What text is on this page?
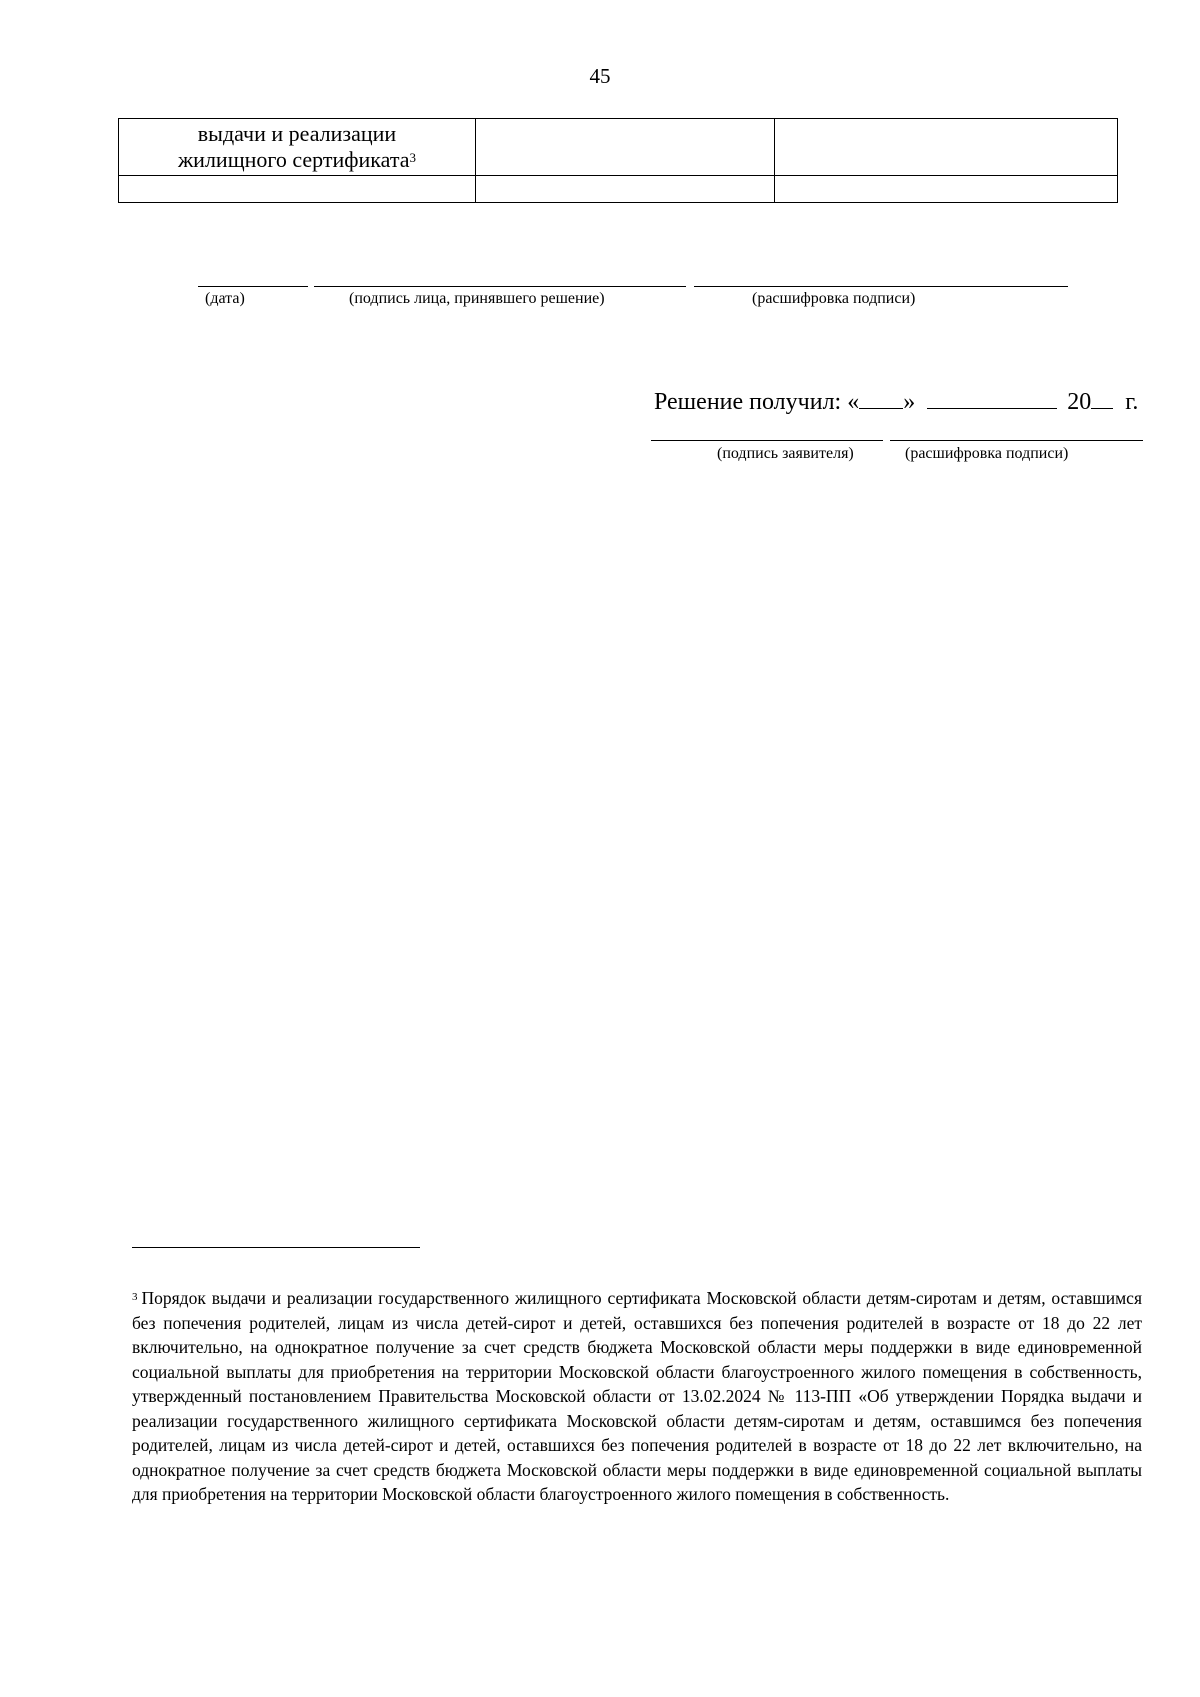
45
выдачи и реализации
жилищного сертификата$^3$

(дата)	(подпись лица, принявшего решение)	(расшифровка подписи)
Решение получил: « »	20 г.
(подпись заявителя)	(расшифровка подписи)
$^3$ Порядок выдачи и реализации государственного жилищного сертификата Московской области детям-сиротам и детям, оставшимся без попечения родителей, лицам из числа детей-сирот и детей, оставшихся без попечения родителей в возрасте от 18 до 22 лет включительно, на однократное получение за счет средств бюджета Московской области меры поддержки в виде единовременной социальной выплаты для приобретения на территории Московской области благоустроенного жилого помещения в собственность, утвержденный постановлением Правительства Московской области от 13.02.2024 № 113-ПП «Об утверждении Порядка выдачи и реализации государственного жилищного сертификата Московской области детям-сиротам и детям, оставшимся без попечения родителей, лицам из числа детей-сирот и детей, оставшихся без попечения родителей в возрасте от 18 до 22 лет включительно, на однократное получение за счет средств бюджета Московской области меры поддержки в виде единовременной социальной выплаты для приобретения на территории Московской области благоустроенного жилого помещения в собственность.
